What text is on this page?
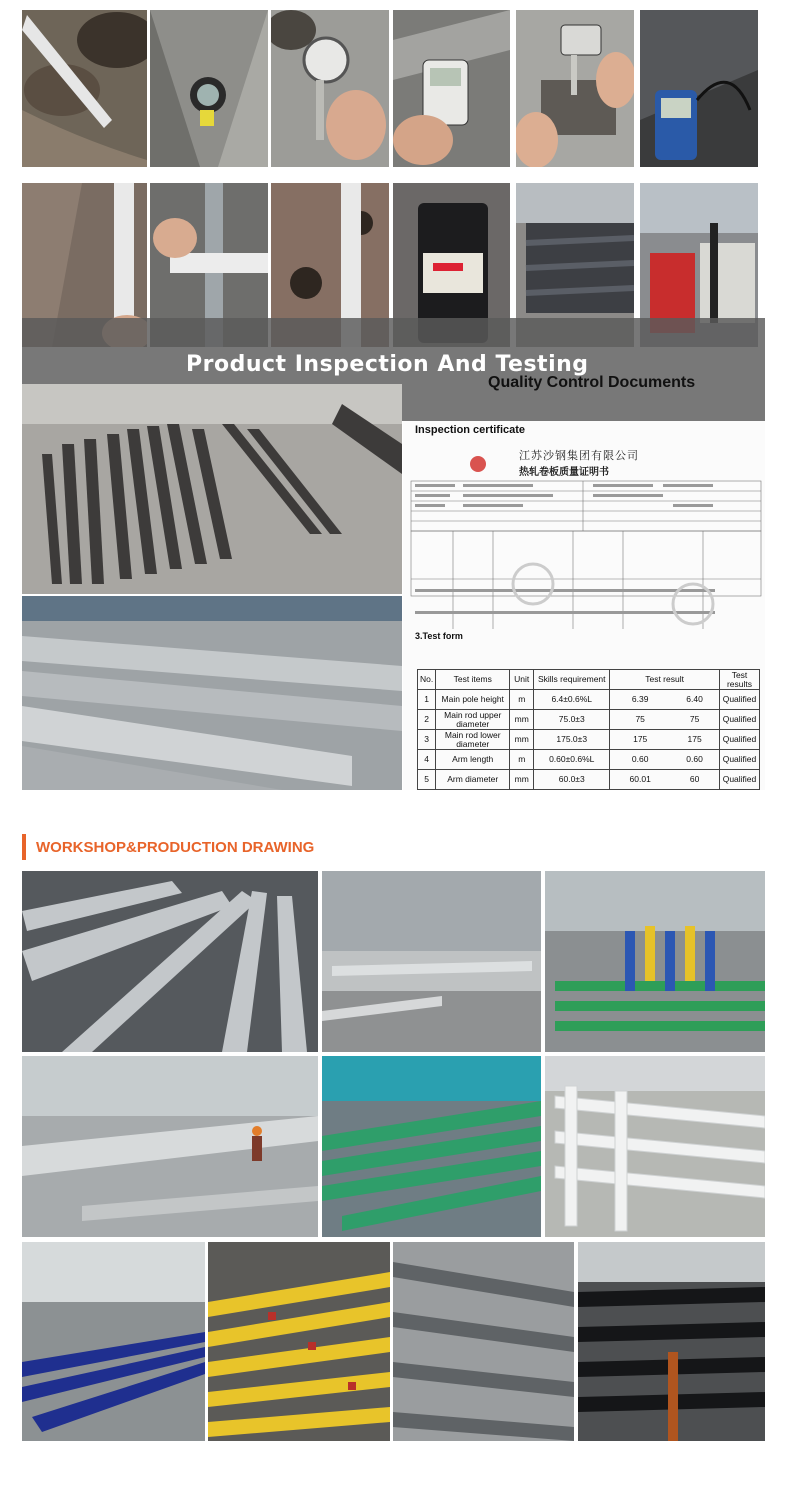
Product Inspection And Testing
Quality Control Documents
Inspection certificate
江苏沙钢集团有限公司
热轧卷板质量证明书
3.Test form
No.	Test items	Unit	Skills requirement	Test result		Test results
1	Main pole height	m	6.4±0.6%L	6.39	6.40	Qualified
2	Main rod upper diameter	mm	75.0±3	75	75	Qualified
3	Main rod lower diameter	mm	175.0±3	175	175	Qualified
4	Arm length	m	0.60±0.6%L	0.60	0.60	Qualified
5	Arm diameter	mm	60.0±3	60.01	60	Qualified
WORKSHOP&PRODUCTION DRAWING
